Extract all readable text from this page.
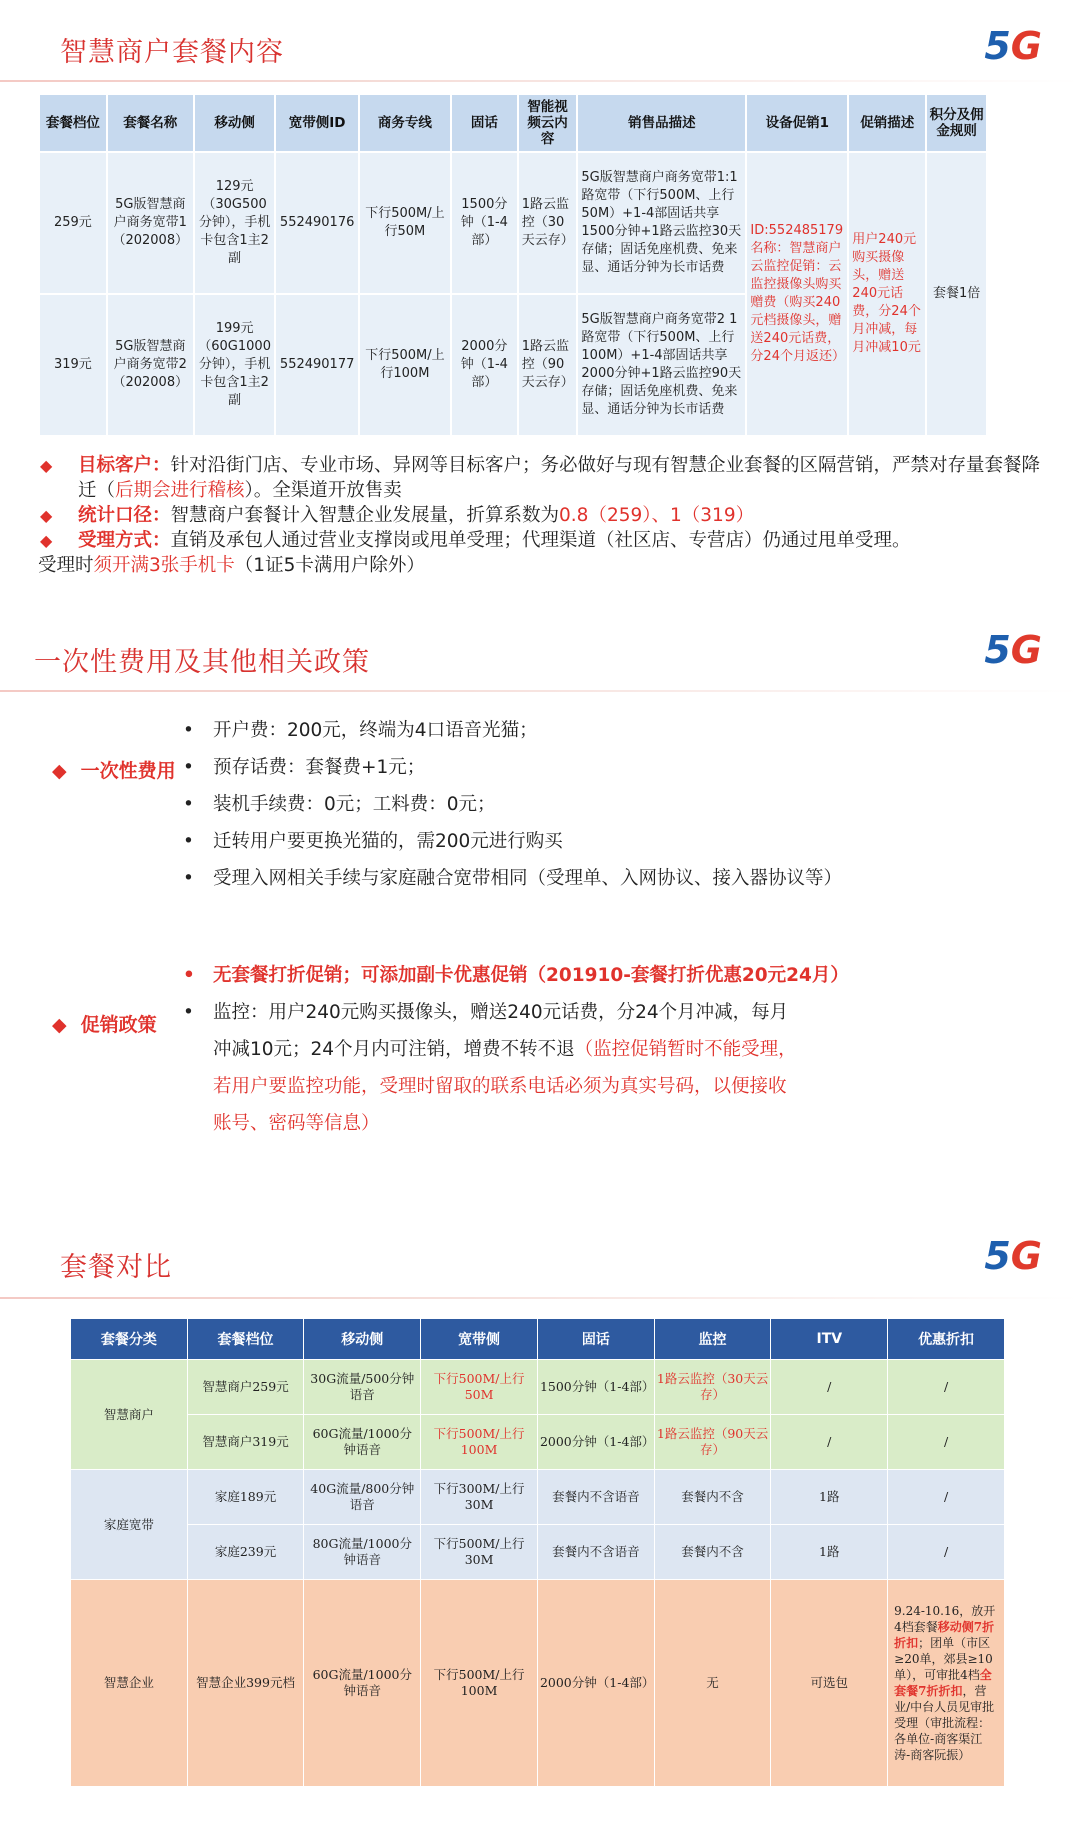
智慧商户套餐内容	5G
套餐档位	套餐名称	移动侧	宽带侧ID	商务专线	固话	智能视频云内容	销售品描述	设备促销1	促销描述	积分及佣金规则
259元	5G版智慧商户商务宽带1（202008）	129元（30G500分钟），手机卡包含1主2副	552490176	下行500M/上行50M	1500分钟（1-4部）	1路云监控（30天云存）	5G版智慧商户商务宽带1:1路宽带（下行500M、上行50M）+1-4部固话共享1500分钟+1路云监控30天存储；固话免座机费、免来显、通话分钟为长市话费	ID:552485179名称：智慧商户云监控促销：云监控摄像头购买赠费（购买240元档摄像头，赠送240元话费，分24个月返还）	用户240元购买摄像头，赠送240元话费，分24个月冲减，每月冲减10元	套餐1倍
319元	5G版智慧商户商务宽带2（202008）	199元（60G1000分钟），手机卡包含1主2副	552490177	下行500M/上行100M	2000分钟（1-4部）	1路云监控（90天云存）	5G版智慧商户商务宽带2 1路宽带（下行500M、上行100M）+1-4部固话共享2000分钟+1路云监控90天存储；固话免座机费、免来显、通话分钟为长市话费			
◆ 目标客户：针对沿街门店、专业市场、异网等目标客户；务必做好与现有智慧企业套餐的区隔营销，严禁对存量套餐降迁（后期会进行稽核）。全渠道开放售卖
◆ 统计口径：智慧商户套餐计入智慧企业发展量，折算系数为0.8（259）、1（319）
◆ 受理方式：直销及承包人通过营业支撑岗或甩单受理；代理渠道（社区店、专营店）仍通过甩单受理。
受理时须开满3张手机卡（1证5卡满用户除外）
一次性费用及其他相关政策	5G
◆ 一次性费用
• 开户费：200元，终端为4口语音光猫；
• 预存话费：套餐费+1元；
• 装机手续费：0元；工料费：0元；
• 迁转用户要更换光猫的，需200元进行购买
• 受理入网相关手续与家庭融合宽带相同（受理单、入网协议、接入器协议等）
◆ 促销政策
• 无套餐打折促销；可添加副卡优惠促销（201910-套餐打折优惠20元24月）
• 监控：用户240元购买摄像头，赠送240元话费，分24个月冲减，每月
冲减10元；24个月内可注销，增费不转不退（监控促销暂时不能受理，
若用户要监控功能，受理时留取的联系电话必须为真实号码，以便接收
账号、密码等信息）
套餐对比	5G
套餐分类	套餐档位	移动侧	宽带侧	固话	监控	ITV	优惠折扣
智慧商户	智慧商户259元	30G流量/500分钟语音	下行500M/上行50M	1500分钟（1-4部）	1路云监控（30天云存）	/	/
	智慧商户319元	60G流量/1000分钟语音	下行500M/上行100M	2000分钟（1-4部）	1路云监控（90天云存）	/	/
家庭宽带	家庭189元	40G流量/800分钟语音	下行300M/上行30M	套餐内不含语音	套餐内不含	1路	/
	家庭239元	80G流量/1000分钟语音	下行500M/上行30M	套餐内不含语音	套餐内不含	1路	/
智慧企业	智慧企业399元档	60G流量/1000分钟语音	下行500M/上行100M	2000分钟（1-4部）	无	可选包	9.24-10.16，放开4档套餐移动侧7折折扣；团单（市区≥20单，郊县≥10单），可审批4档全套餐7折折扣，营业/中台人员见审批受理（审批流程：各单位-商客渠江涛-商客阮振）
